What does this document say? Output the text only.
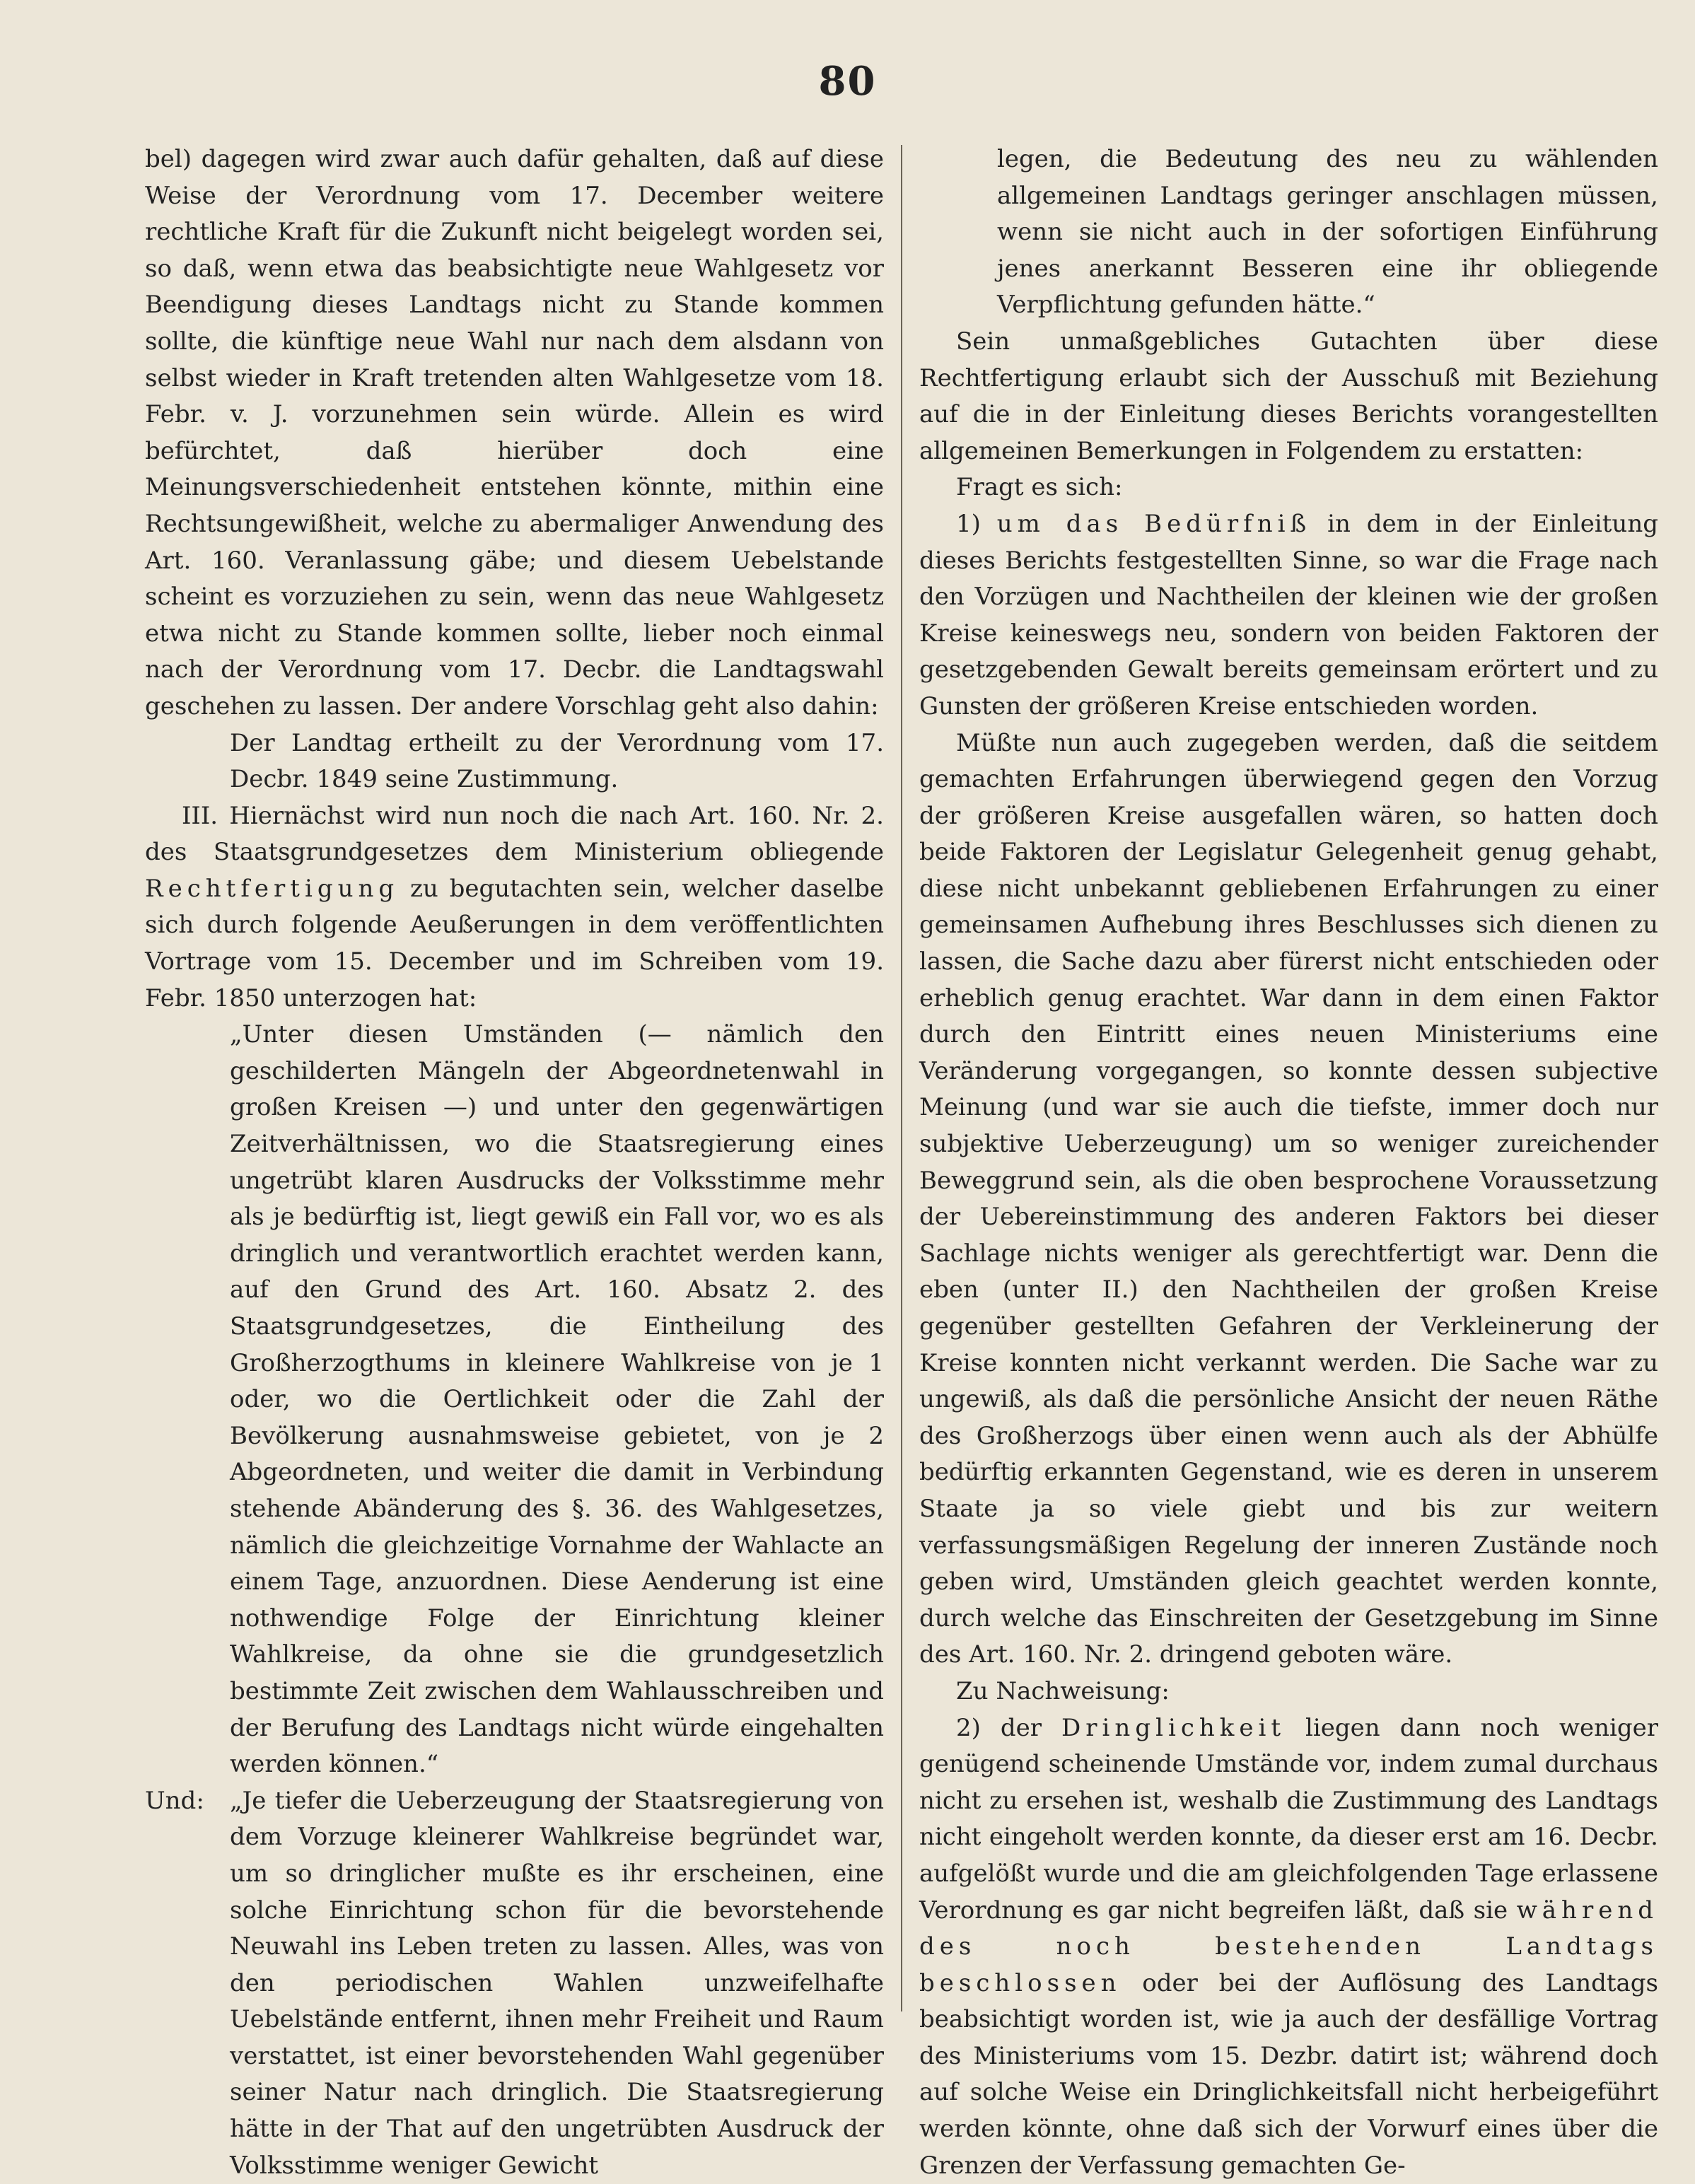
80

bel) dagegen wird zwar auch dafür gehalten, daß auf diese Weise der Verordnung vom 17. December weitere rechtliche Kraft für die Zukunft nicht beigelegt worden sei, so daß, wenn etwa das beabsichtigte neue Wahlgesetz vor Beendigung dieses Landtags nicht zu Stande kommen sollte, die künftige neue Wahl nur nach dem alsdann von selbst wieder in Kraft tretenden alten Wahlgesetze vom 18. Febr. v. J. vorzunehmen sein würde. Allein es wird befürchtet, daß hierüber doch eine Meinungsverschiedenheit entstehen könnte, mithin eine Rechtsungewißheit, welche zu abermaliger Anwendung des Art. 160. Veranlassung gäbe; und diesem Uebelstande scheint es vorzuziehen zu sein, wenn das neue Wahlgesetz etwa nicht zu Stande kommen sollte, lieber noch einmal nach der Verordnung vom 17. Decbr. die Landtagswahl geschehen zu lassen. Der andere Vorschlag geht also dahin:

Der Landtag ertheilt zu der Verordnung vom 17. Decbr. 1849 seine Zustimmung.

III. Hiernächst wird nun noch die nach Art. 160. Nr. 2. des Staatsgrundgesetzes dem Ministerium obliegende Rechtfertigung zu begutachten sein, welcher daselbe sich durch folgende Aeußerungen in dem veröffentlichten Vortrage vom 15. December und im Schreiben vom 19. Febr. 1850 unterzogen hat:

„Unter diesen Umständen (— nämlich den geschilderten Mängeln der Abgeordnetenwahl in großen Kreisen —) und unter den gegenwärtigen Zeitverhältnissen, wo die Staatsregierung eines ungetrübt klaren Ausdrucks der Volksstimme mehr als je bedürftig ist, liegt gewiß ein Fall vor, wo es als dringlich und verantwortlich erachtet werden kann, auf den Grund des Art. 160. Absatz 2. des Staatsgrundgesetzes, die Eintheilung des Großherzogthums in kleinere Wahlkreise von je 1 oder, wo die Oertlichkeit oder die Zahl der Bevölkerung ausnahmsweise gebietet, von je 2 Abgeordneten, und weiter die damit in Verbindung stehende Abänderung des §. 36. des Wahlgesetzes, nämlich die gleichzeitige Vornahme der Wahlacte an einem Tage, anzuordnen. Diese Aenderung ist eine nothwendige Folge der Einrichtung kleiner Wahlkreise, da ohne sie die grundgesetzlich bestimmte Zeit zwischen dem Wahlausschreiben und der Berufung des Landtags nicht würde eingehalten werden können.“

Und:	„Je tiefer die Ueberzeugung der Staatsregierung von dem Vorzuge kleinerer Wahlkreise begründet war, um so dringlicher mußte es ihr erscheinen, eine solche Einrichtung schon für die bevorstehende Neuwahl ins Leben treten zu lassen. Alles, was von den periodischen Wahlen unzweifelhafte Uebelstände entfernt, ihnen mehr Freiheit und Raum verstattet, ist einer bevorstehenden Wahl gegenüber seiner Natur nach dringlich. Die Staatsregierung hätte in der That auf den ungetrübten Ausdruck der Volksstimme weniger Gewicht

legen, die Bedeutung des neu zu wählenden allgemeinen Landtags geringer anschlagen müssen, wenn sie nicht auch in der sofortigen Einführung jenes anerkannt Besseren eine ihr obliegende Verpflichtung gefunden hätte.“

Sein unmaßgebliches Gutachten über diese Rechtfertigung erlaubt sich der Ausschuß mit Beziehung auf die in der Einleitung dieses Berichts vorangestellten allgemeinen Bemerkungen in Folgendem zu erstatten:

Fragt es sich:

1) um das Bedürfniß in dem in der Einleitung dieses Berichts festgestellten Sinne, so war die Frage nach den Vorzügen und Nachtheilen der kleinen wie der großen Kreise keineswegs neu, sondern von beiden Faktoren der gesetzgebenden Gewalt bereits gemeinsam erörtert und zu Gunsten der größeren Kreise entschieden worden.

Müßte nun auch zugegeben werden, daß die seitdem gemachten Erfahrungen überwiegend gegen den Vorzug der größeren Kreise ausgefallen wären, so hatten doch beide Faktoren der Legislatur Gelegenheit genug gehabt, diese nicht unbekannt gebliebenen Erfahrungen zu einer gemeinsamen Aufhebung ihres Beschlusses sich dienen zu lassen, die Sache dazu aber fürerst nicht entschieden oder erheblich genug erachtet. War dann in dem einen Faktor durch den Eintritt eines neuen Ministeriums eine Veränderung vorgegangen, so konnte dessen subjective Meinung (und war sie auch die tiefste, immer doch nur subjektive Ueberzeugung) um so weniger zureichender Beweggrund sein, als die oben besprochene Voraussetzung der Uebereinstimmung des anderen Faktors bei dieser Sachlage nichts weniger als gerechtfertigt war. Denn die eben (unter II.) den Nachtheilen der großen Kreise gegenüber gestellten Gefahren der Verkleinerung der Kreise konnten nicht verkannt werden. Die Sache war zu ungewiß, als daß die persönliche Ansicht der neuen Räthe des Großherzogs über einen wenn auch als der Abhülfe bedürftig erkannten Gegenstand, wie es deren in unserem Staate ja so viele giebt und bis zur weitern verfassungsmäßigen Regelung der inneren Zustände noch geben wird, Umständen gleich geachtet werden konnte, durch welche das Einschreiten der Gesetzgebung im Sinne des Art. 160. Nr. 2. dringend geboten wäre.

Zu Nachweisung:

2) der Dringlichkeit liegen dann noch weniger genügend scheinende Umstände vor, indem zumal durchaus nicht zu ersehen ist, weshalb die Zustimmung des Landtags nicht eingeholt werden konnte, da dieser erst am 16. Decbr. aufgelößt wurde und die am gleichfolgenden Tage erlassene Verordnung es gar nicht begreifen läßt, daß sie während des noch bestehenden Landtags beschlossen oder bei der Auflösung des Landtags beabsichtigt worden ist, wie ja auch der desfällige Vortrag des Ministeriums vom 15. Dezbr. datirt ist; während doch auf solche Weise ein Dringlichkeitsfall nicht herbeigeführt werden könnte, ohne daß sich der Vorwurf eines über die Grenzen der Verfassung gemachten Ge-
